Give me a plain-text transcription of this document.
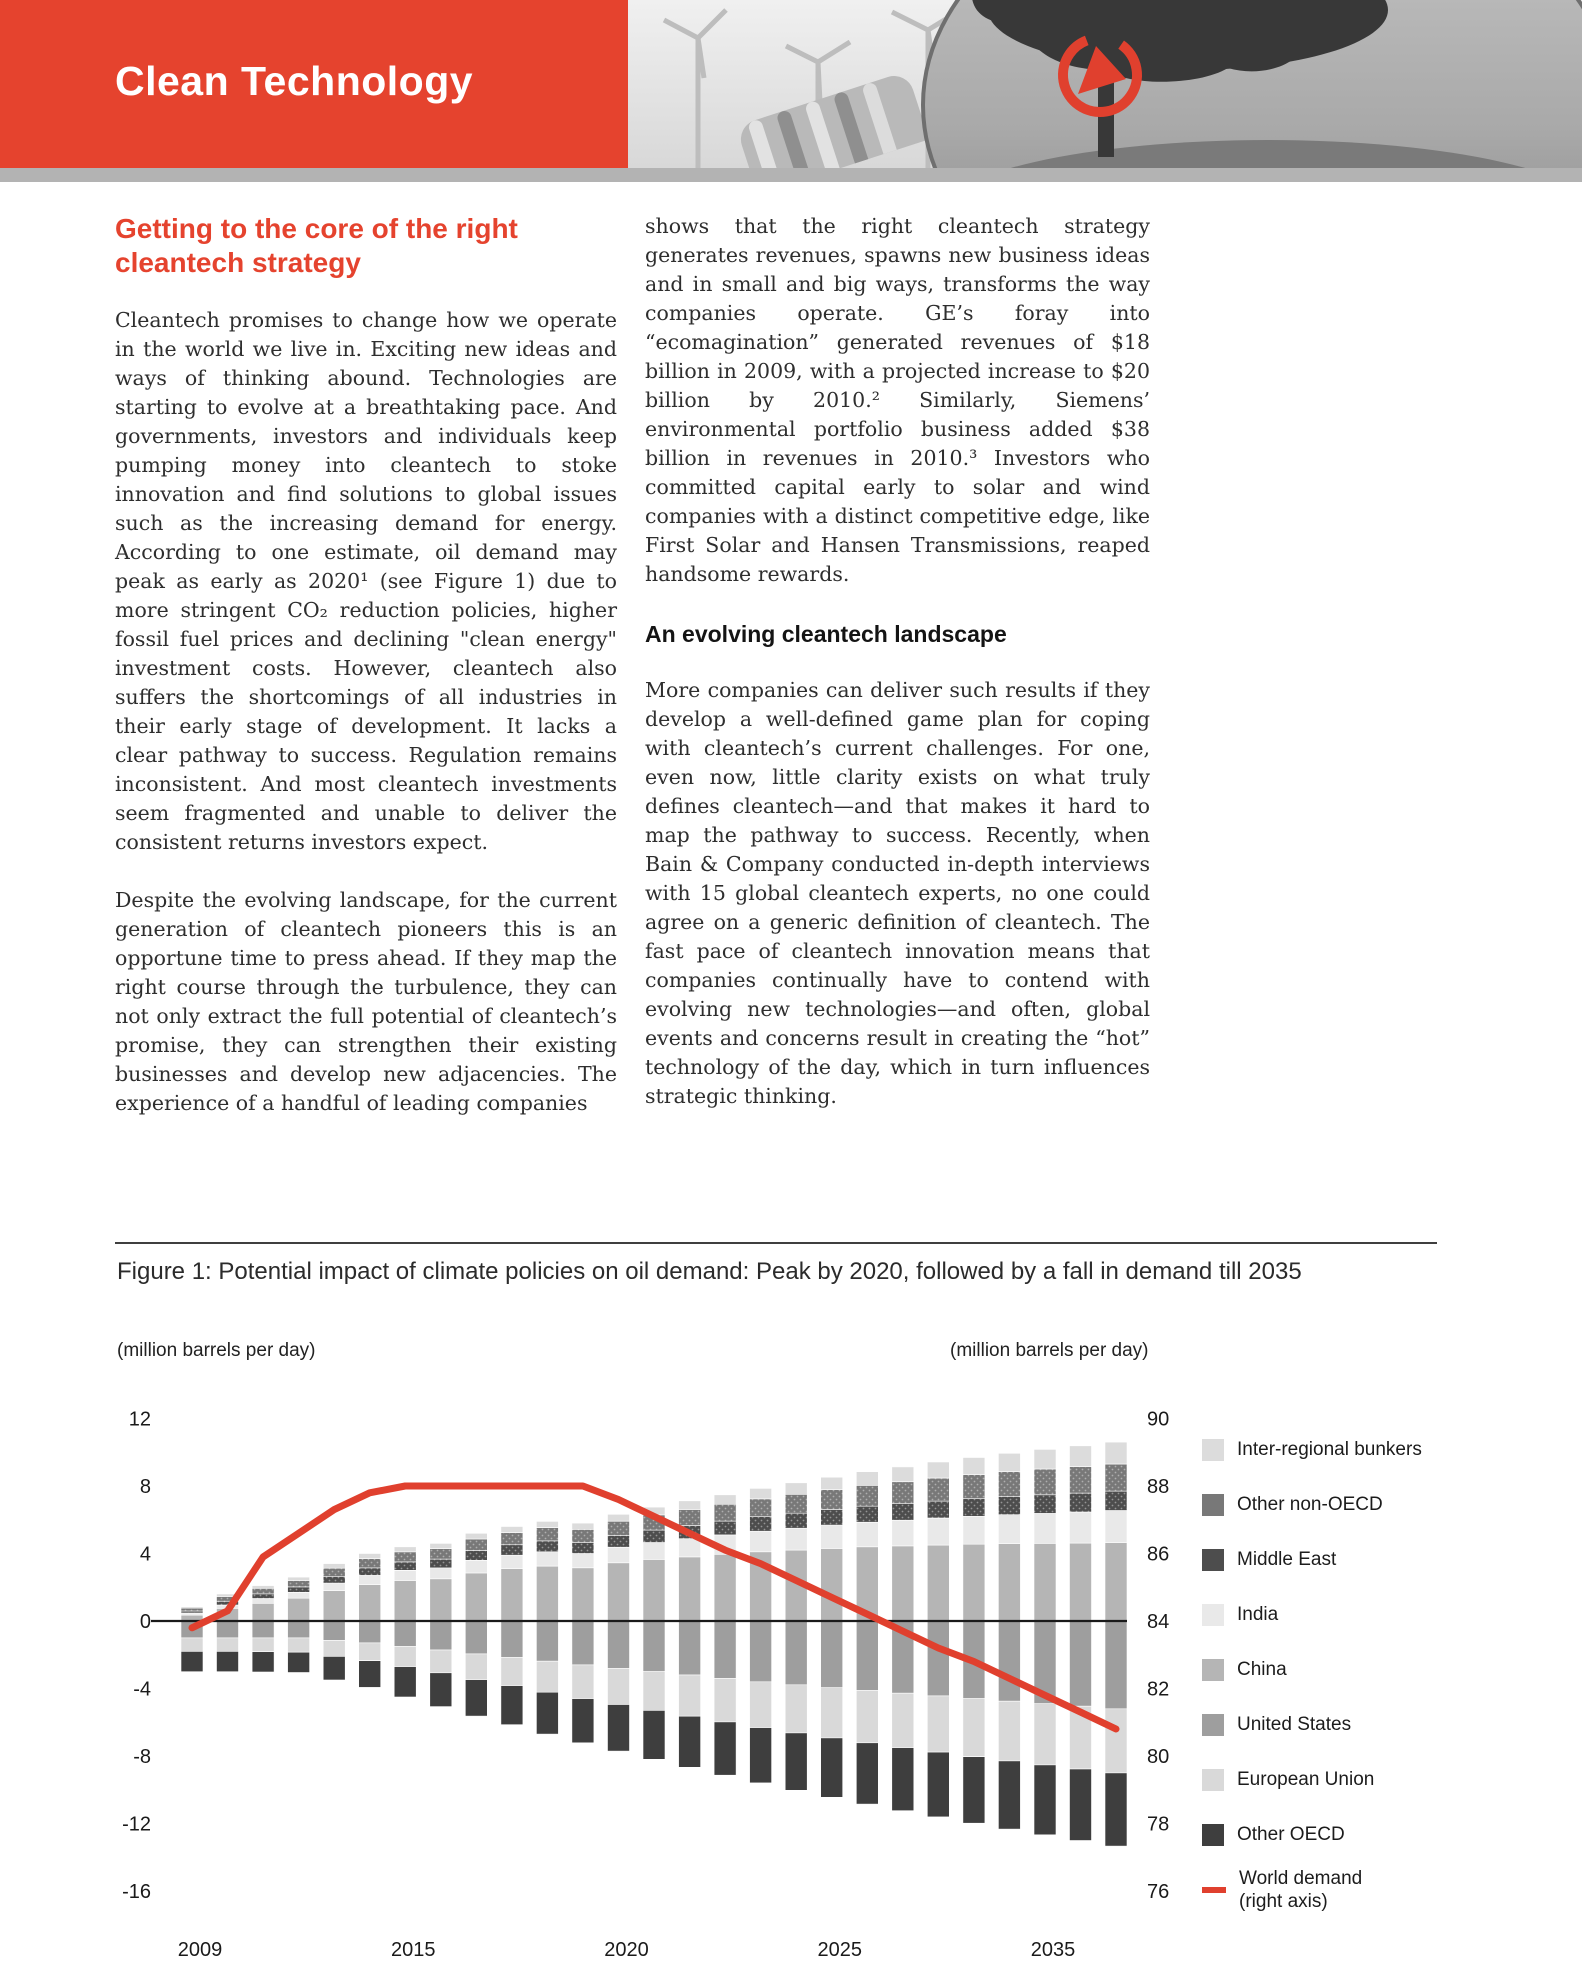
Clean Technology
Getting to the core of the right cleantech strategy

Cleantech promises to change how we operate in the world we live in. Exciting new ideas and ways of thinking abound. Technologies are starting to evolve at a breathtaking pace. And governments, investors and individuals keep pumping money into cleantech to stoke innovation and find solutions to global issues such as the increasing demand for energy. According to one estimate, oil demand may peak as early as 2020¹ (see Figure 1) due to more stringent CO₂ reduction policies, higher fossil fuel prices and declining "clean energy" investment costs. However, cleantech also suffers the shortcomings of all industries in their early stage of development. It lacks a clear pathway to success. Regulation remains inconsistent. And most cleantech investments seem fragmented and unable to deliver the consistent returns investors expect.

Despite the evolving landscape, for the current generation of cleantech pioneers this is an opportune time to press ahead. If they map the right course through the turbulence, they can not only extract the full potential of cleantech’s promise, they can strengthen their existing businesses and develop new adjacencies. The experience of a handful of leading companies

shows that the right cleantech strategy generates revenues, spawns new business ideas and in small and big ways, transforms the way companies operate. GE’s foray into “ecomagination” generated revenues of $18 billion in 2009, with a projected increase to $20 billion by 2010.² Similarly, Siemens’ environmental portfolio business added $38 billion in revenues in 2010.³ Investors who committed capital early to solar and wind companies with a distinct competitive edge, like First Solar and Hansen Transmissions, reaped handsome rewards.

An evolving cleantech landscape

More companies can deliver such results if they develop a well-defined game plan for coping with cleantech’s current challenges. For one, even now, little clarity exists on what truly defines cleantech—and that makes it hard to map the pathway to success. Recently, when Bain & Company conducted in-depth interviews with 15 global cleantech experts, no one could agree on a generic definition of cleantech. The fast pace of cleantech innovation means that companies continually have to contend with evolving new technologies—and often, global events and concerns result in creating the “hot” technology of the day, which in turn influences strategic thinking.

Figure 1: Potential impact of climate policies on oil demand: Peak by 2020, followed by a fall in demand till 2035
(million barrels per day)	(million barrels per day)
12
8
4
0
-4
-8
-12
-16
90
88
86
84
82
80
78
76
2009	2015	2020	2025	2035
Inter-regional bunkers
Other non-OECD
Middle East
India
China
United States
European Union
Other OECD
World demand
(right axis)
